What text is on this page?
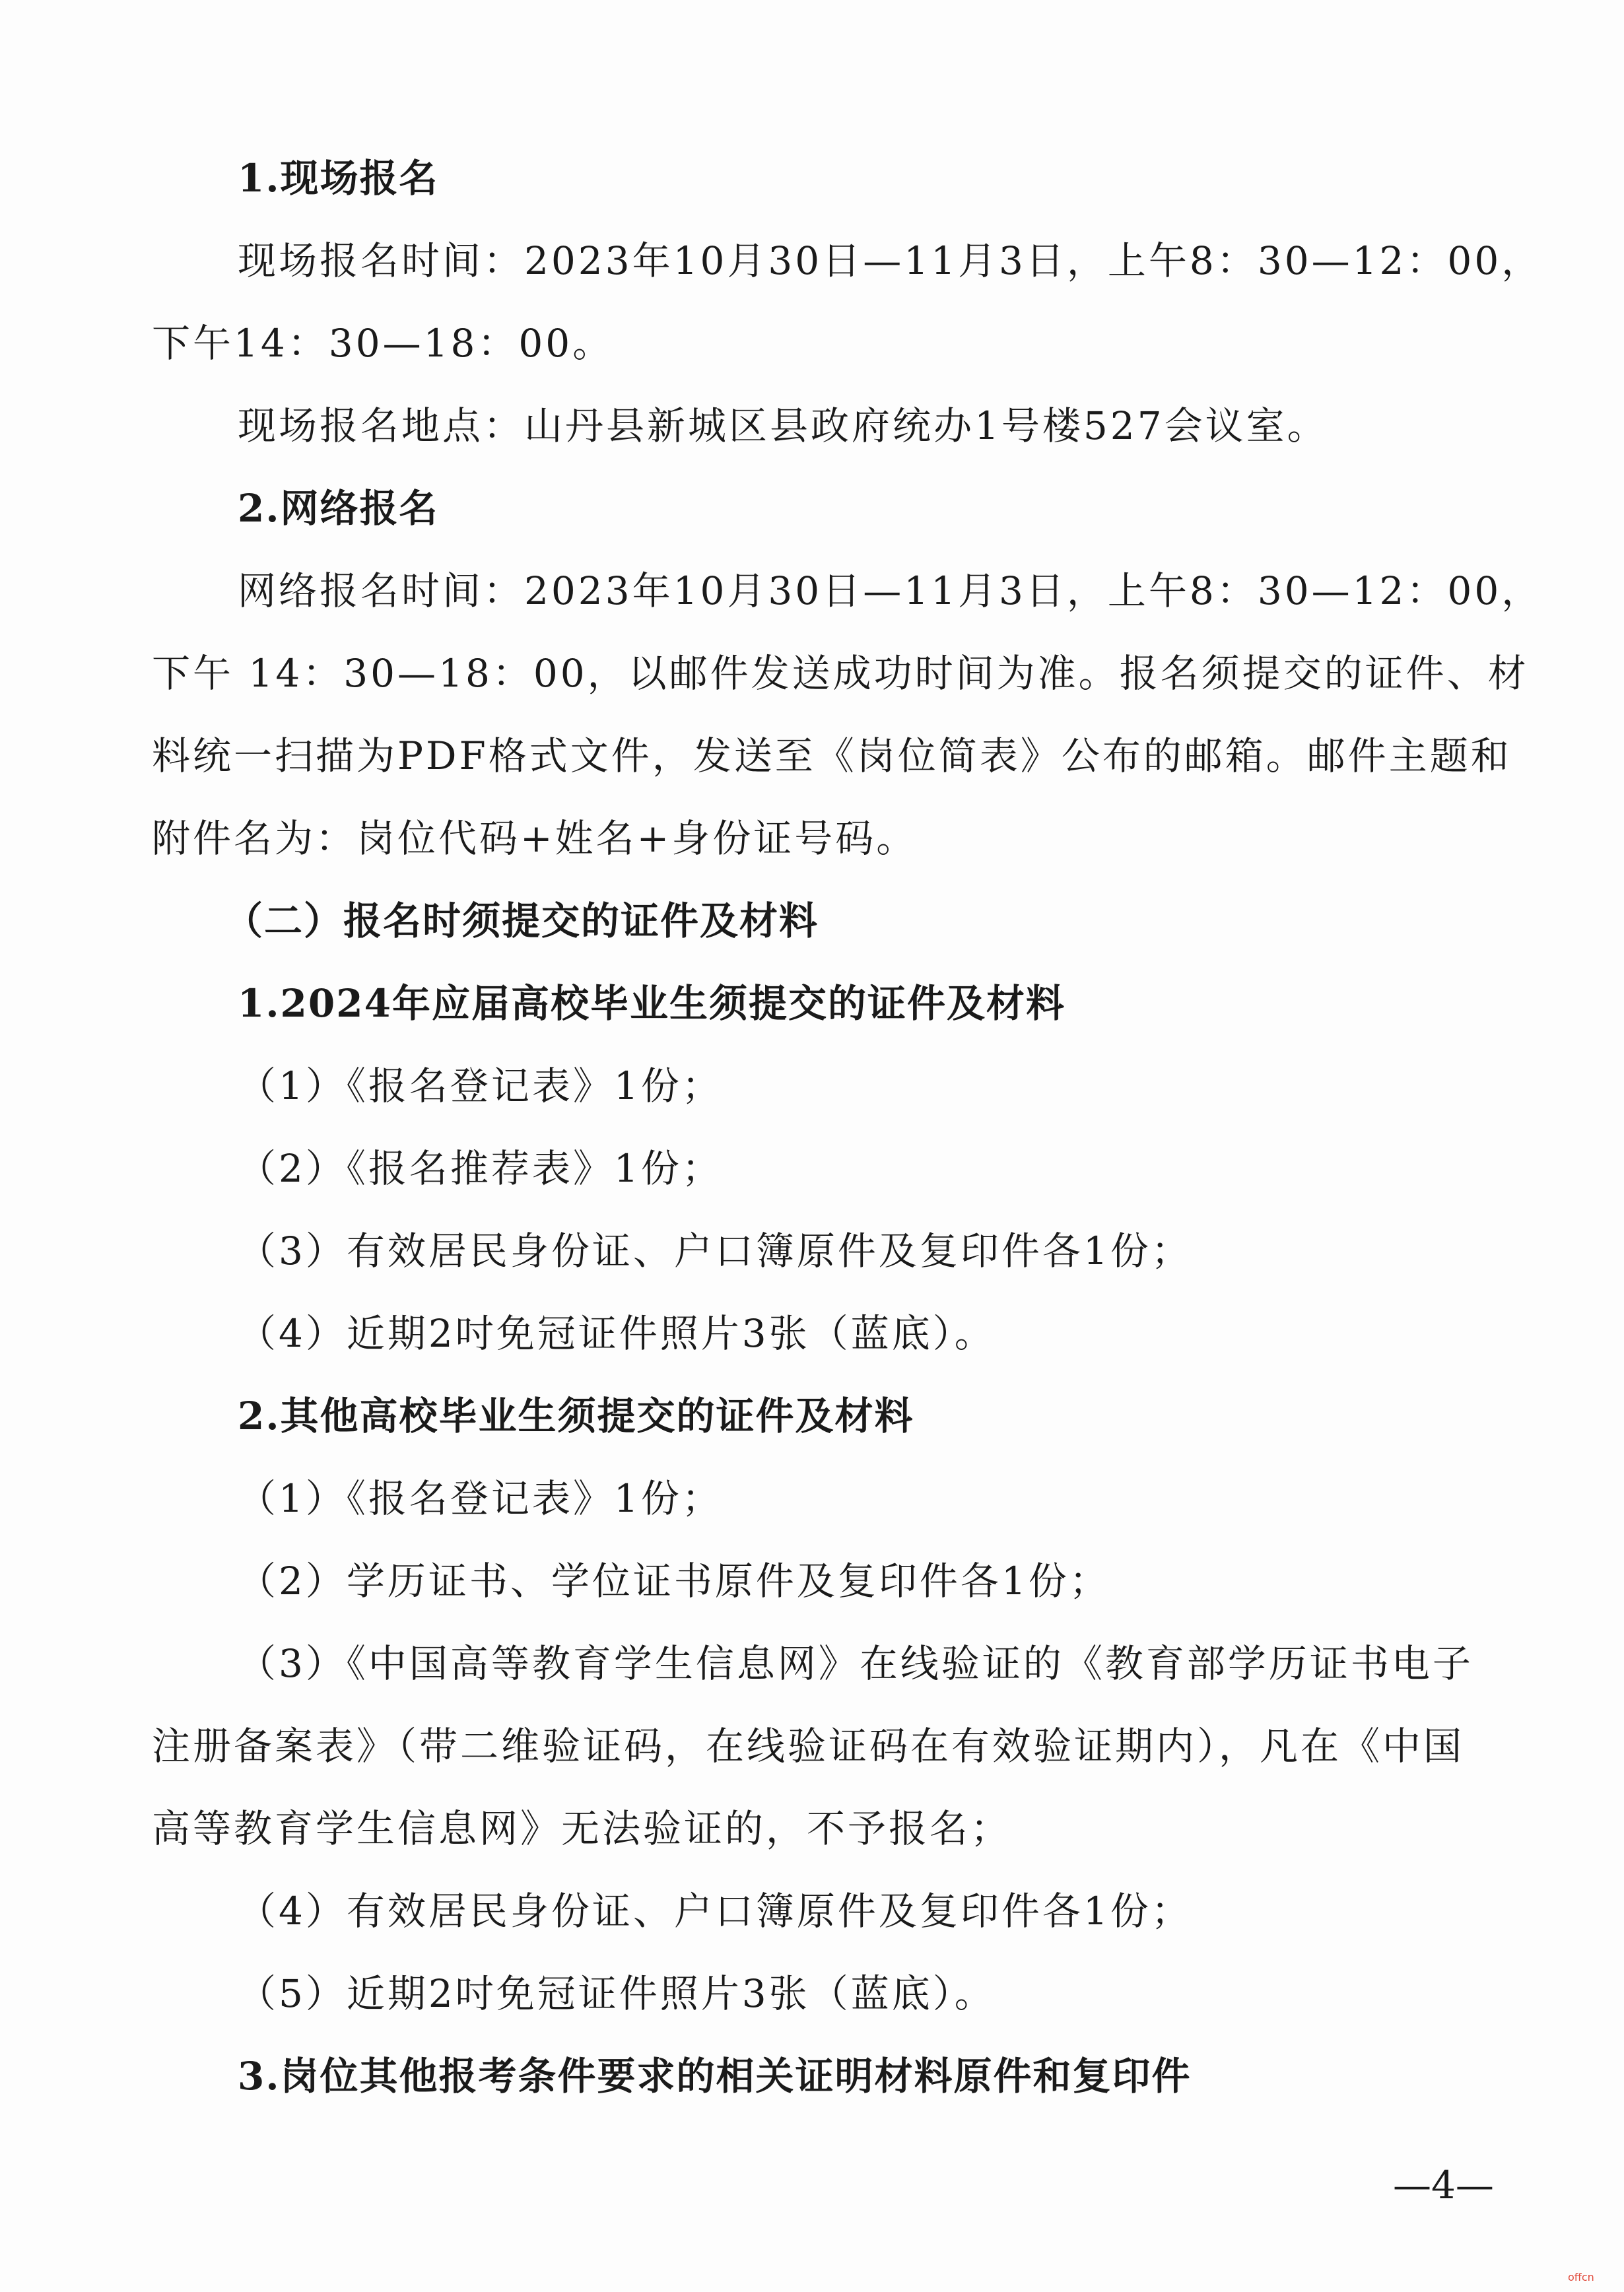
1.现场报名
现场报名时间：2023年10月30日—11月3日，上午8：30—12：00，
下午14：30—18：00。
现场报名地点：山丹县新城区县政府统办1号楼527会议室。
2.网络报名
网络报名时间：2023年10月30日—11月3日，上午8：30—12：00，
下午 14：30—18：00，以邮件发送成功时间为准。报名须提交的证件、材
料统一扫描为PDF格式文件，发送至《岗位简表》公布的邮箱。邮件主题和
附件名为：岗位代码+姓名+身份证号码。
（二）报名时须提交的证件及材料
1.2024年应届高校毕业生须提交的证件及材料
（1）《报名登记表》1份；
（2）《报名推荐表》1份；
（3）有效居民身份证、户口簿原件及复印件各1份；
（4）近期2吋免冠证件照片3张（蓝底）。
2.其他高校毕业生须提交的证件及材料
（1）《报名登记表》1份；
（2）学历证书、学位证书原件及复印件各1份；
（3）《中国高等教育学生信息网》在线验证的《教育部学历证书电子
注册备案表》（带二维验证码，在线验证码在有效验证期内），凡在《中国
高等教育学生信息网》无法验证的，不予报名；
（4）有效居民身份证、户口簿原件及复印件各1份；
（5）近期2吋免冠证件照片3张（蓝底）。
3.岗位其他报考条件要求的相关证明材料原件和复印件
—4—
offcn
